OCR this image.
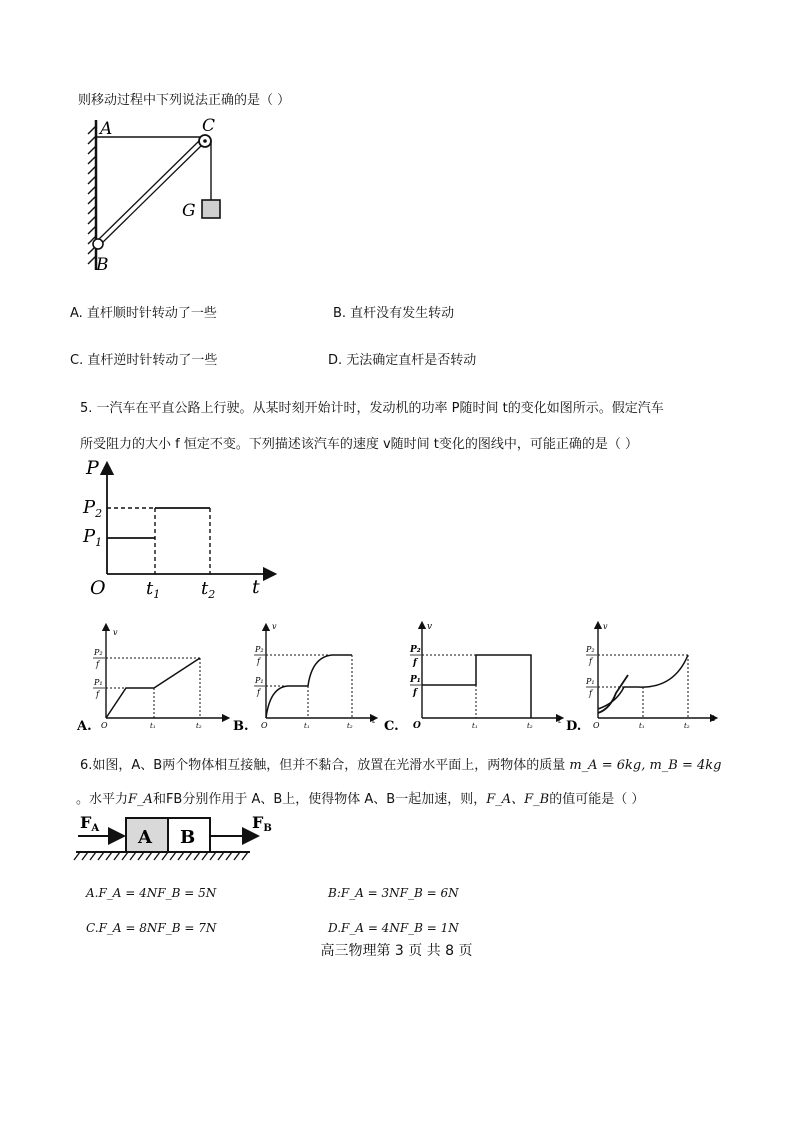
则移动过程中下列说法正确的是（ ）
A	C
G
B
A. 直杆顺时针转动了一些	B. 直杆没有发生转动
C. 直杆逆时针转动了一些	D. 无法确定直杆是否转动
5. 一汽车在平直公路上行驶。从某时刻开始计时，发动机的功率 P随时间 t的变化如图所示。假定汽车
所受阻力的大小 f 恒定不变。下列描述该汽车的速度 v随时间 t变化的图线中，可能正确的是（ ）
P
t
O
$P_2$
$P_1$
$t_1$ $t_2$
P₂
f
P₁
f
v
O	t₁	t₂
A.
P₂
f
P₁
f
v
O	t₁	t₂
t
B.
P₂
f
P₁
f
v
O	t₁	t₂
t
C.
P₂
f
P₁
f
v
O	t₁	t₂
t
D.
6.如图，A、B两个物体相互接触，但并不黏合，放置在光滑水平面上，两物体的质量 m_A = 6kg, m_B = 4kg
。水平力F_A和FB分别作用于 A、B上，使得物体 A、B一起加速，则，F_A、F_B的值可能是（ ）
A B
FA	FB
A.F_A = 4NF_B = 5N	B:F_A = 3NF_B = 6N
C.F_A = 8NF_B = 7N	D.F_A = 4NF_B = 1N
高三物理第 3 页 共 8 页
